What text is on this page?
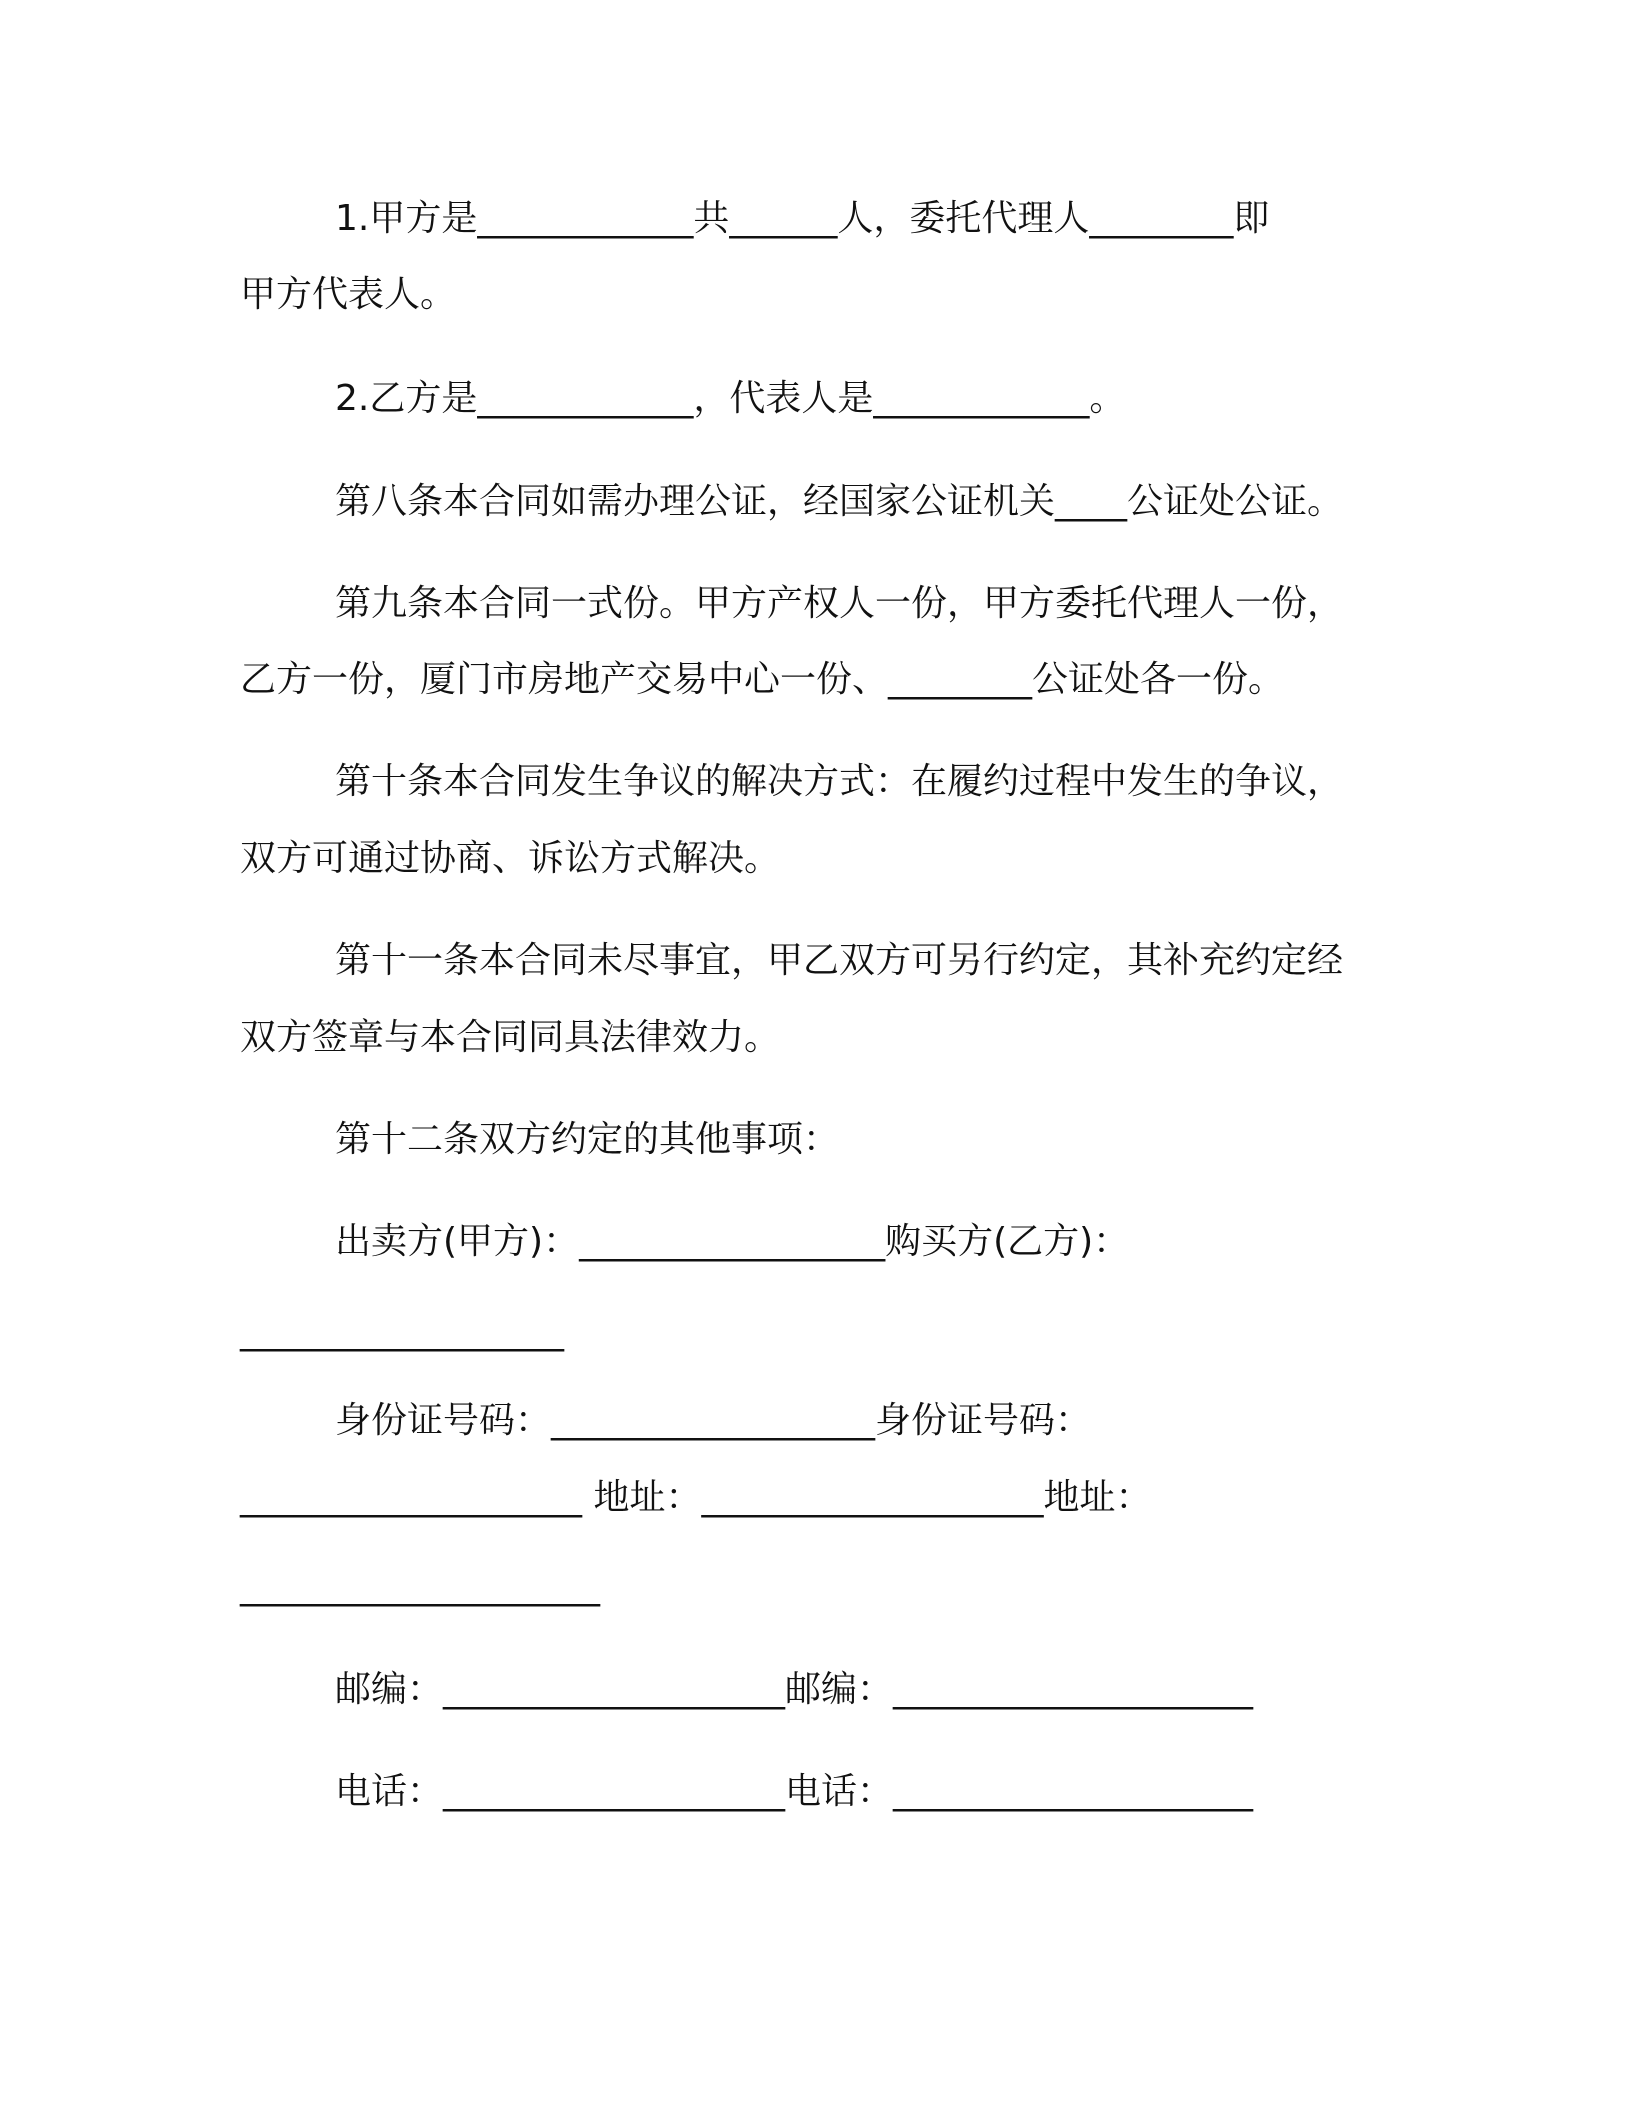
1.甲方是____________共______人，委托代理人________即
甲方代表人。
2.乙方是____________，代表人是____________。
第八条本合同如需办理公证，经国家公证机关____公证处公证。
第九条本合同一式份。甲方产权人一份，甲方委托代理人一份，
乙方一份，厦门市房地产交易中心一份、________公证处各一份。
第十条本合同发生争议的解决方式：在履约过程中发生的争议，
双方可通过协商、诉讼方式解决。
第十一条本合同未尽事宜，甲乙双方可另行约定，其补充约定经
双方签章与本合同同具法律效力。
第十二条双方约定的其他事项：
出卖方(甲方)：_________________购买方(乙方)：
__________________
身份证号码：__________________身份证号码：
___________________ 地址：___________________地址：
____________________
邮编：___________________邮编：____________________
电话：___________________电话：____________________
